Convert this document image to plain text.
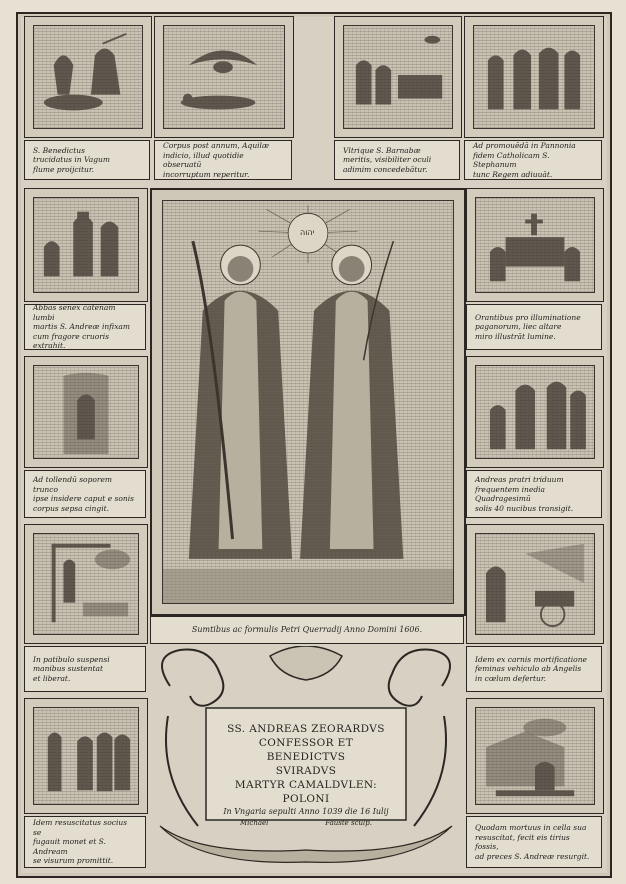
S. Benedictus
trucidatus in Vagum
flume proijcitur.
Corpus post annum, Aquilæ
indicio, illud quotidie obseruatū
incorruptum reperitur.
Vltrique S. Barnabæ
meritis, visibiliter oculi
adimim concedebātur.
Ad promouēdā in Pannonia
fidem Catholicam S. Stephanum
tunc Regem adiuuāt.
Abbas senex catenam lumbi
martis S. Andreæ infixam
cum fragore cruoris extrahit.
Ad tollendū soporem trunco
ipse insidere caput e sonis
corpus sepsa cingit.
In patibulo suspensi
manibus sustentat
et liberat.
Idem resuscitatus socius se
fugauit monet et S. Andream
se visurum promittit.
Orantibus pro illuminatione
paganorum, liec altare
miro illustrāt lumine.
Andreas pratri triduum
frequentem inedia Quadragesimū
solis 40 nucibus transigit.
Idem ex carnis mortificatione
feminas vehiculo ab Angelis
in cœlum defertur.
Quodam mortuus in cella sua
resuscitat, fecit eis tirius fossis,
ad preces S. Andreæ resurgit.
יהוה
Sumtibus ac formulis Petri Querradij Anno Domini 1606.
SS. ANDREAS ZEORARDVS
CONFESSOR ET BENEDICTVS
SVIRADVS
MARTYR CAMALDVLEN: POLONI
In Vngaria sepulti Anno 1039 die 16 Iulij
Michael	Fauste sculp.
